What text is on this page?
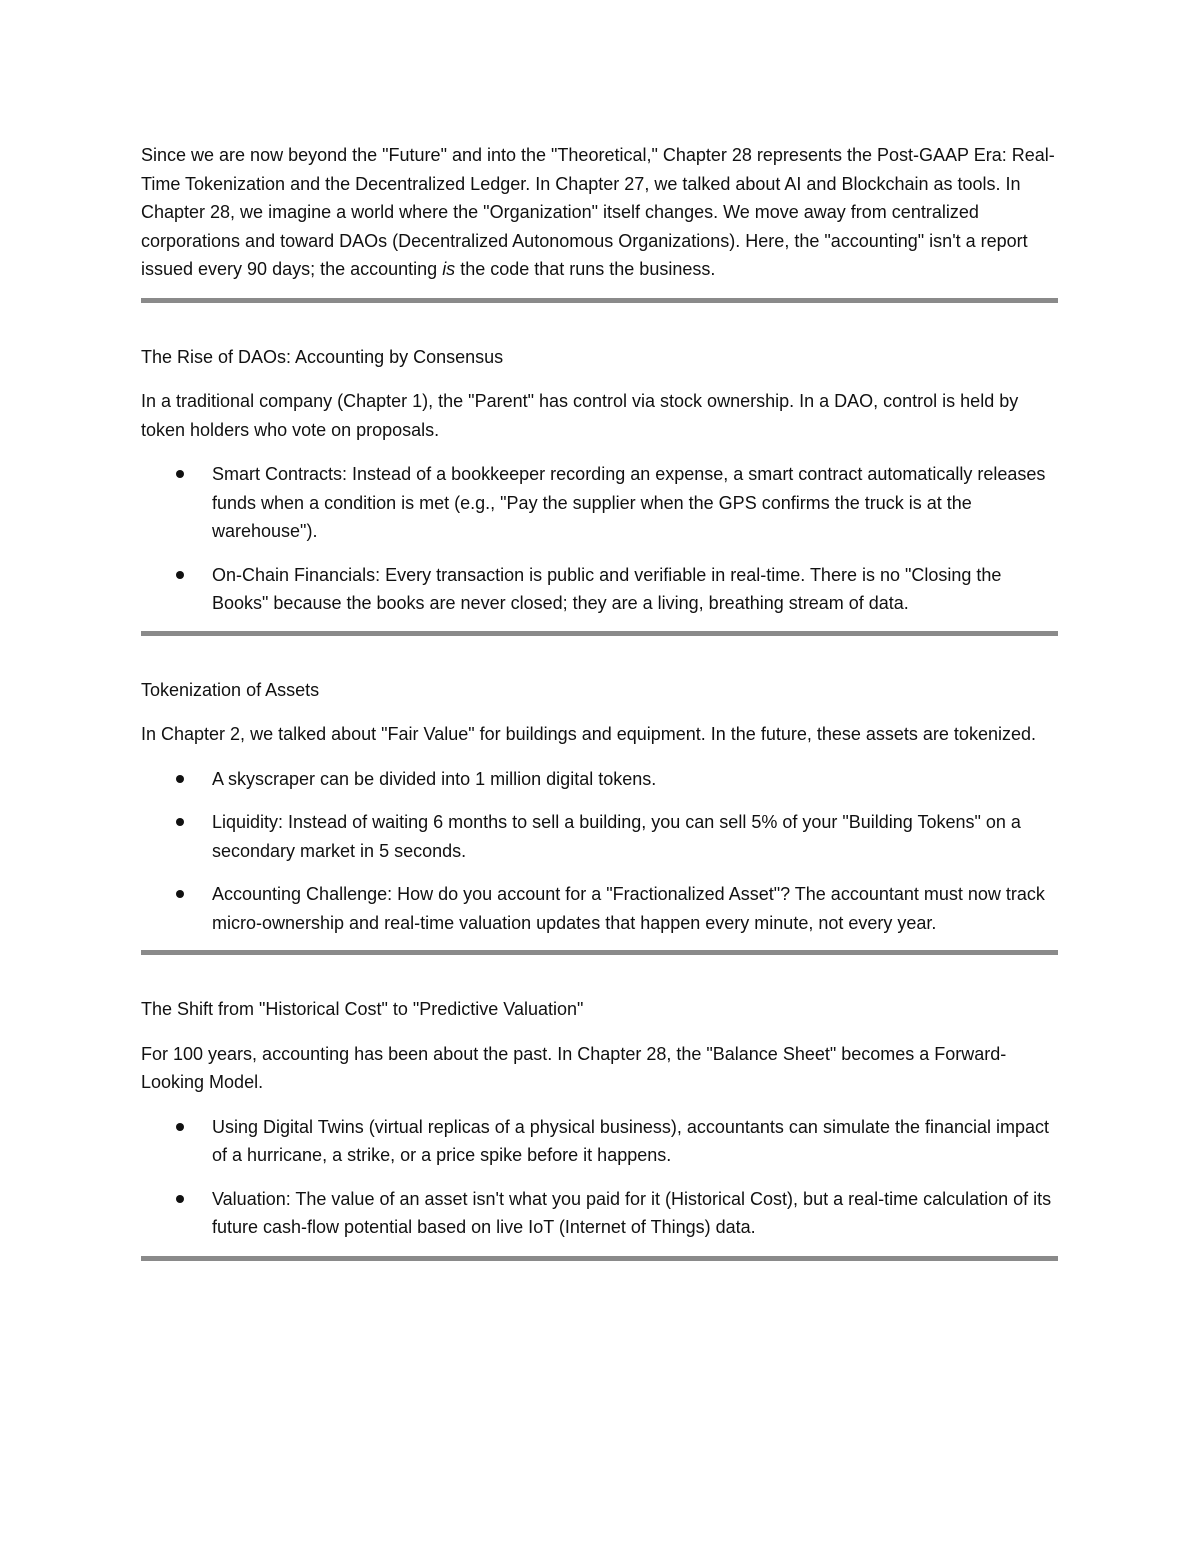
Since we are now beyond the "Future" and into the "Theoretical," Chapter 28 represents the Post-GAAP Era: Real-Time Tokenization and the Decentralized Ledger. In Chapter 27, we talked about AI and Blockchain as tools. In Chapter 28, we imagine a world where the "Organization" itself changes. We move away from centralized corporations and toward DAOs (Decentralized Autonomous Organizations). Here, the "accounting" isn't a report issued every 90 days; the accounting is the code that runs the business.

The Rise of DAOs: Accounting by Consensus

In a traditional company (Chapter 1), the "Parent" has control via stock ownership. In a DAO, control is held by token holders who vote on proposals.

Smart Contracts: Instead of a bookkeeper recording an expense, a smart contract automatically releases funds when a condition is met (e.g., "Pay the supplier when the GPS confirms the truck is at the warehouse").
On-Chain Financials: Every transaction is public and verifiable in real-time. There is no "Closing the Books" because the books are never closed; they are a living, breathing stream of data.

Tokenization of Assets

In Chapter 2, we talked about "Fair Value" for buildings and equipment. In the future, these assets are tokenized.

A skyscraper can be divided into 1 million digital tokens.
Liquidity: Instead of waiting 6 months to sell a building, you can sell 5% of your "Building Tokens" on a secondary market in 5 seconds.
Accounting Challenge: How do you account for a "Fractionalized Asset"? The accountant must now track micro-ownership and real-time valuation updates that happen every minute, not every year.

The Shift from "Historical Cost" to "Predictive Valuation"

For 100 years, accounting has been about the past. In Chapter 28, the "Balance Sheet" becomes a Forward-Looking Model.

Using Digital Twins (virtual replicas of a physical business), accountants can simulate the financial impact of a hurricane, a strike, or a price spike before it happens.
Valuation: The value of an asset isn't what you paid for it (Historical Cost), but a real-time calculation of its future cash-flow potential based on live IoT (Internet of Things) data.
